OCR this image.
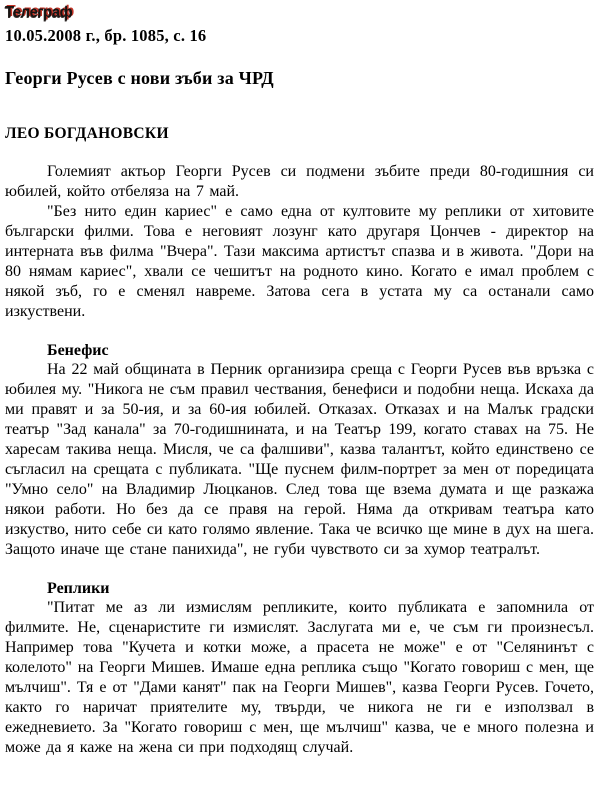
Телеграф
10.05.2008 г., бр. 1085, с. 16
Георги Русев с нови зъби за ЧРД
ЛЕО БОГДАНОВСКИ

Големият актьор Георги Русев си подмени зъбите преди 80-годишния си юбилей, който отбеляза на 7 май.

"Без нито един кариес" е само една от култовите му реплики от хитовите български филми. Това е неговият лозунг като другаря Цончев - директор на интерната във филма "Вчера". Тази максима артистът спазва и в живота. "Дори на 80 нямам кариес", хвали се чешитът на родното кино. Когато е имал проблем с някой зъб, го е сменял навреме. Затова сега в устата му са останали само изкуствени.

Бенефис

На 22 май общината в Перник организира среща с Георги Русев във връзка с юбилея му. "Никога не съм правил чествания, бенефиси и подобни неща. Искаха да ми правят и за 50-ия, и за 60-ия юбилей. Отказах. Отказах и на Малък градски театър "Зад канала" за 70-годишнината, и на Театър 199, когато ставах на 75. Не харесам такива неща. Мисля, че са фалшиви", казва талантът, който единствено се съгласил на срещата с публиката. "Ще пуснем филм-портрет за мен от поредицата "Умно село" на Владимир Люцканов. След това ще взема думата и ще разкажа някои работи. Но без да се правя на герой. Няма да откривам театъра като изкуство, нито себе си като голямо явление. Така че всичко ще мине в дух на шега. Защото иначе ще стане панихида", не губи чувството си за хумор театралът.

Реплики

"Питат ме аз ли измислям репликите, които публиката е запомнила от филмите. Не, сценаристите ги измислят. Заслугата ми е, че съм ги произнесъл. Например това "Кучета и котки може, а прасета не може" е от "Селянинът с колелото" на Георги Мишев. Имаше една реплика също "Когато говориш с мен, ще мълчиш". Тя е от "Дами канят" пак на Георги Мишев", казва Георги Русев. Гочето, както го наричат приятелите му, твърди, че никога не ги е използвал в ежедневието. За "Когато говориш с мен, ще мълчиш" казва, че е много полезна и може да я каже на жена си при подходящ случай.
